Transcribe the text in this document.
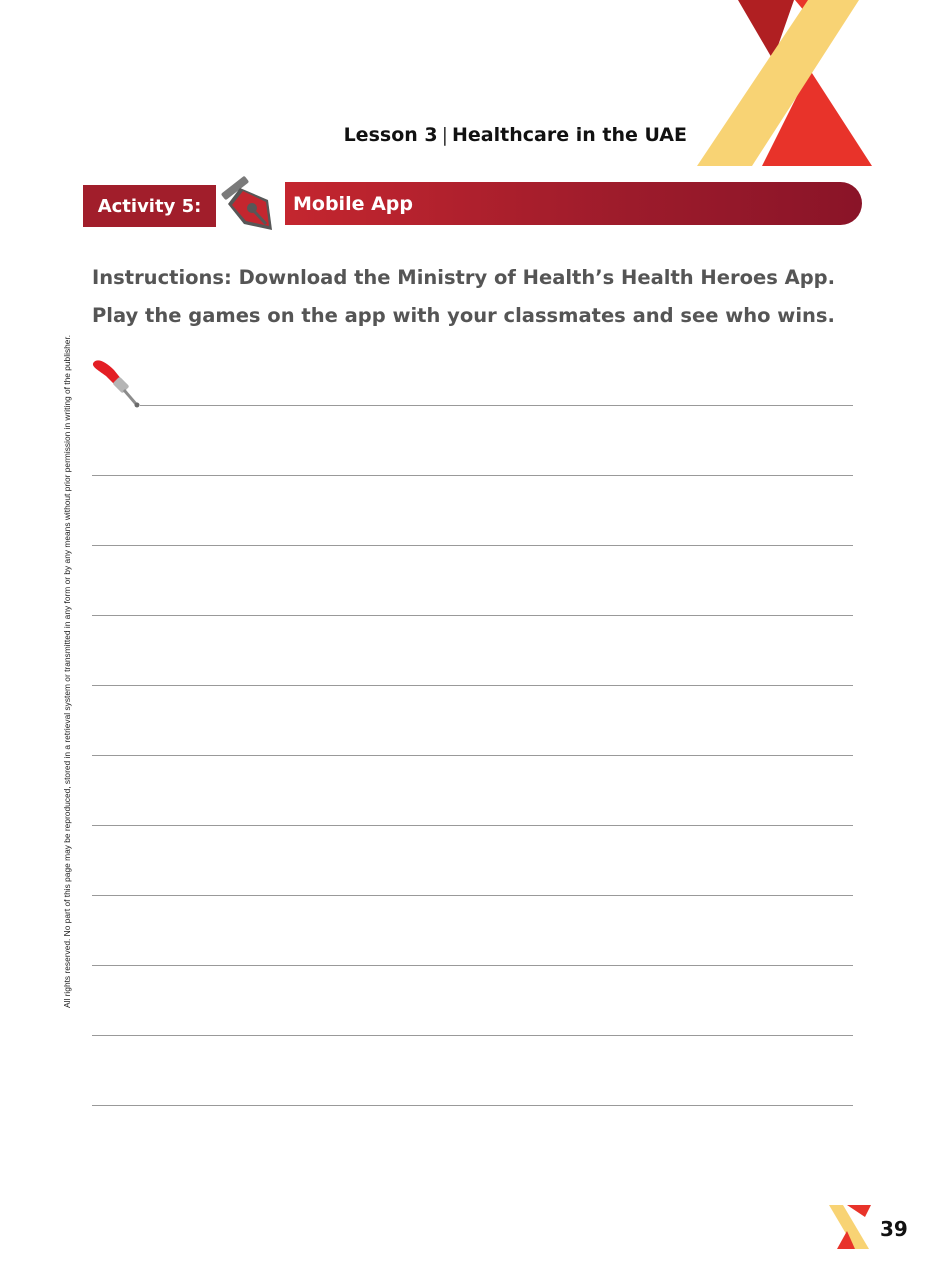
Lesson 3 | Healthcare in the UAE
Activity 5:	Mobile App
All rights reserved. No part of this page may be reproduced, stored in a retrieval system or transmitted in any form or by any means without prior permission in writing of the publisher.

Instructions: Download the Ministry of Health’s Health Heroes App.

Play the games on the app with your classmates and see who wins.

39
